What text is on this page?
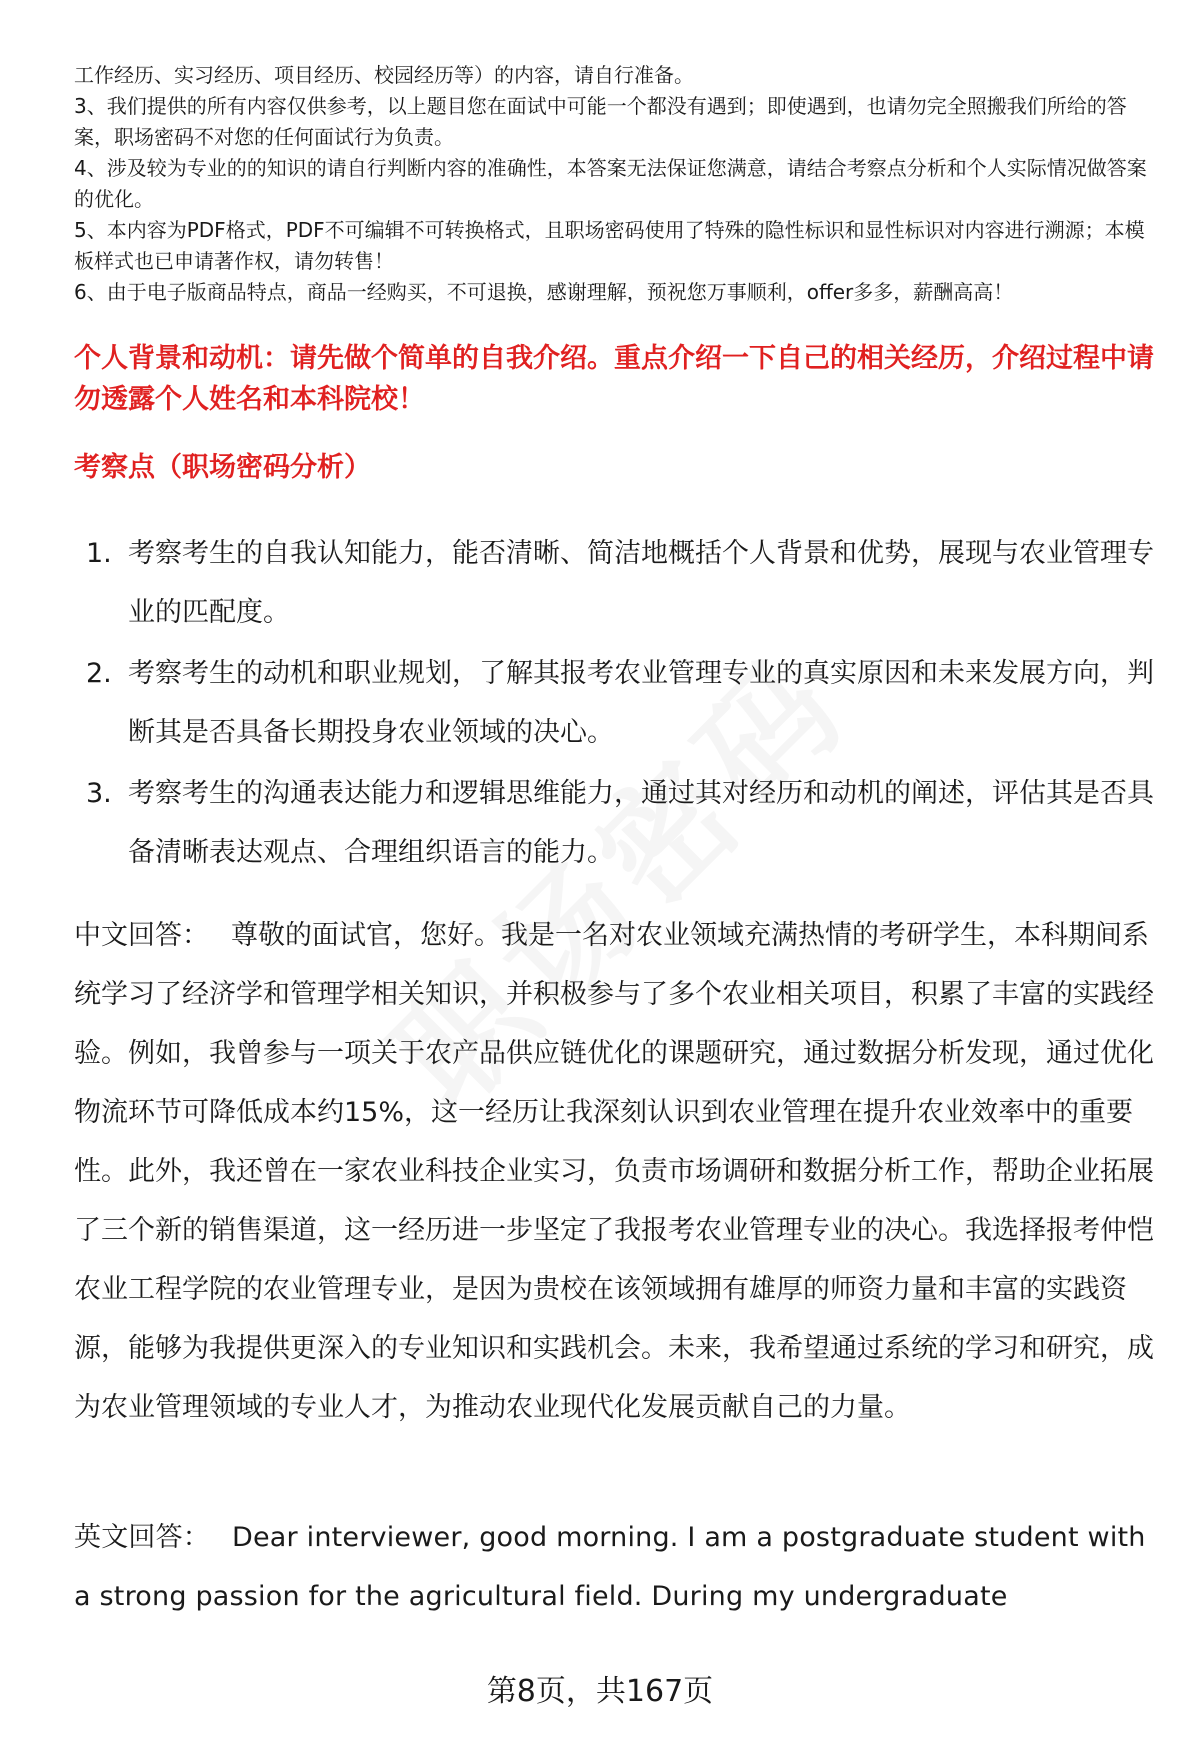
工作经历、实习经历、项目经历、校园经历等）的内容，请自行准备。

3、我们提供的所有内容仅供参考，以上题目您在面试中可能一个都没有遇到；即使遇到，也请勿完全照搬我们所给的答案，职场密码不对您的任何面试行为负责。

4、涉及较为专业的的知识的请自行判断内容的准确性，本答案无法保证您满意，请结合考察点分析和个人实际情况做答案的优化。

5、本内容为PDF格式，PDF不可编辑不可转换格式，且职场密码使用了特殊的隐性标识和显性标识对内容进行溯源；本模板样式也已申请著作权，请勿转售！

6、由于电子版商品特点，商品一经购买，不可退换，感谢理解，预祝您万事顺利，offer多多，薪酬高高！

个人背景和动机：请先做个简单的自我介绍。重点介绍一下自己的相关经历，介绍过程中请勿透露个人姓名和本科院校！

考察点（职场密码分析）

1. 考察考生的自我认知能力，能否清晰、简洁地概括个人背景和优势，展现与农业管理专业的匹配度。
2. 考察考生的动机和职业规划，了解其报考农业管理专业的真实原因和未来发展方向，判断其是否具备长期投身农业领域的决心。
3. 考察考生的沟通表达能力和逻辑思维能力，通过其对经历和动机的阐述，评估其是否具备清晰表达观点、合理组织语言的能力。

中文回答： 尊敬的面试官，您好。我是一名对农业领域充满热情的考研学生，本科期间系统学习了经济学和管理学相关知识，并积极参与了多个农业相关项目，积累了丰富的实践经验。例如，我曾参与一项关于农产品供应链优化的课题研究，通过数据分析发现，通过优化物流环节可降低成本约15%，这一经历让我深刻认识到农业管理在提升农业效率中的重要性。此外，我还曾在一家农业科技企业实习，负责市场调研和数据分析工作，帮助企业拓展了三个新的销售渠道，这一经历进一步坚定了我报考农业管理专业的决心。我选择报考仲恺农业工程学院的农业管理专业，是因为贵校在该领域拥有雄厚的师资力量和丰富的实践资源，能够为我提供更深入的专业知识和实践机会。未来，我希望通过系统的学习和研究，成为农业管理领域的专业人才，为推动农业现代化发展贡献自己的力量。

英文回答： Dear interviewer, good morning. I am a postgraduate student with a strong passion for the agricultural field. During my undergraduate

第8页，共167页
